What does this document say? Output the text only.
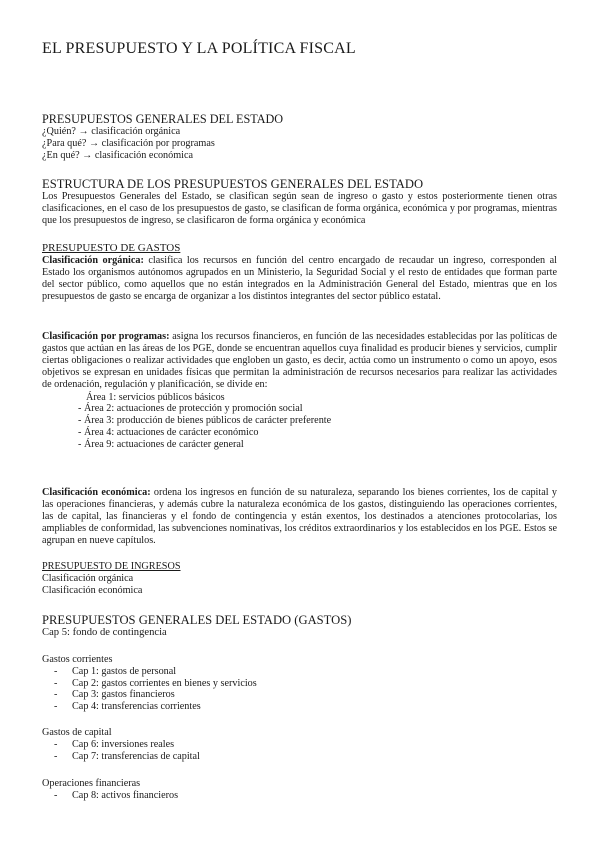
EL PRESUPUESTO Y LA POLÍTICA FISCAL
PRESUPUESTOS GENERALES DEL ESTADO
¿Quién? → clasificación orgánica
¿Para qué? → clasificación por programas
¿En qué? → clasificación económica
ESTRUCTURA DE LOS PRESUPUESTOS GENERALES DEL ESTADO
Los Presupuestos Generales del Estado, se clasifican según sean de ingreso o gasto y estos posteriormente tienen otras clasificaciones, en el caso de los presupuestos de gasto, se clasifican de forma orgánica, económica y por programas, mientras que los presupuestos de ingreso, se clasificaron de forma orgánica y económica
PRESUPUESTO DE GASTOS
Clasificación orgánica: clasifica los recursos en función del centro encargado de recaudar un ingreso, corresponden al Estado los organismos autónomos agrupados en un Ministerio, la Seguridad Social y el resto de entidades que forman parte del sector público, como aquellos que no están integrados en la Administración General del Estado, mientras que en los presupuestos de gasto se encarga de organizar a los distintos integrantes del sector público estatal.
Clasificación por programas: asigna los recursos financieros, en función de las necesidades establecidas por las políticas de gastos que actúan en las áreas de los PGE, donde se encuentran aquellos cuya finalidad es producir bienes y servicios, cumplir ciertas obligaciones o realizar actividades que engloben un gasto, es decir, actúa como un instrumento o como un apoyo, esos objetivos se expresan en unidades físicas que permitan la administración de recursos necesarios para realizar las actividades de ordenación, regulación y planificación, se divide en:
Área 1: servicios públicos básicos
- Área 2: actuaciones de protección y promoción social
- Área 3: producción de bienes públicos de carácter preferente
- Área 4: actuaciones de carácter económico
- Área 9: actuaciones de carácter general
Clasificación económica: ordena los ingresos en función de su naturaleza, separando los bienes corrientes, los de capital y las operaciones financieras, y además cubre la naturaleza económica de los gastos, distinguiendo las operaciones corrientes, las de capital, las financieras y el fondo de contingencia y están exentos, los destinados a atenciones protocolarias, los ampliables de conformidad, las subvenciones nominativas, los créditos extraordinarios y los establecidos en los PGE. Estos se agrupan en nueve capítulos.
PRESUPUESTO DE INGRESOS
Clasificación orgánica
Clasificación económica
PRESUPUESTOS GENERALES DEL ESTADO (GASTOS)
Cap 5: fondo de contingencia
Gastos corrientes
- Cap 1: gastos de personal
- Cap 2: gastos corrientes en bienes y servicios
- Cap 3: gastos financieros
- Cap 4: transferencias corrientes
Gastos de capital
- Cap 6: inversiones reales
- Cap 7: transferencias de capital
Operaciones financieras
- Cap 8: activos financieros
